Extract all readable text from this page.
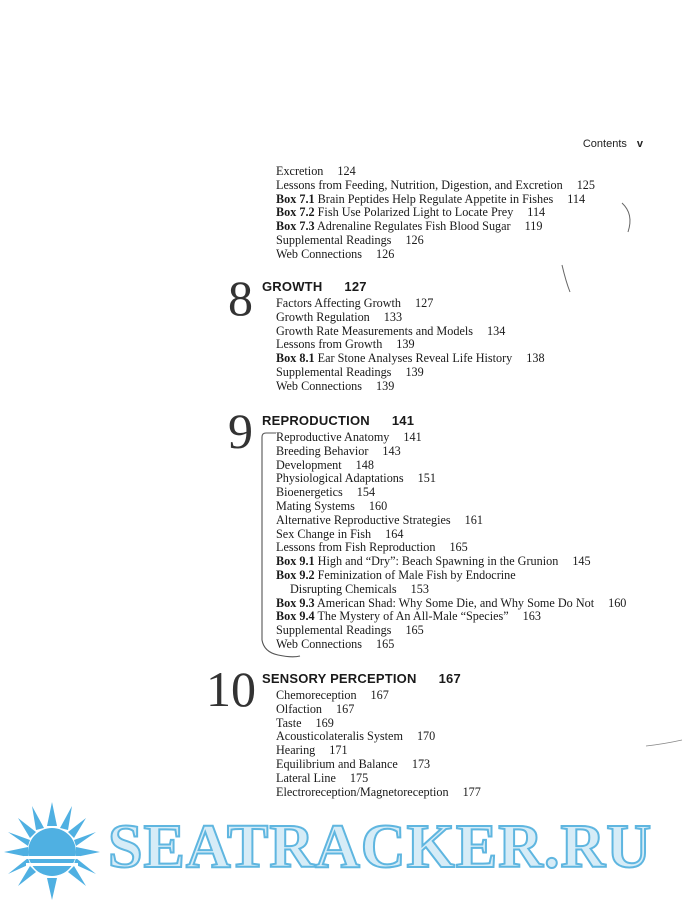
Contents v
Excretion 124
Lessons from Feeding, Nutrition, Digestion, and Excretion 125
Box 7.1 Brain Peptides Help Regulate Appetite in Fishes 114
Box 7.2 Fish Use Polarized Light to Locate Prey 114
Box 7.3 Adrenaline Regulates Fish Blood Sugar 119
Supplemental Readings 126
Web Connections 126
8 GROWTH 127
Factors Affecting Growth 127
Growth Regulation 133
Growth Rate Measurements and Models 134
Lessons from Growth 139
Box 8.1 Ear Stone Analyses Reveal Life History 138
Supplemental Readings 139
Web Connections 139
9 REPRODUCTION 141
Reproductive Anatomy 141
Breeding Behavior 143
Development 148
Physiological Adaptations 151
Bioenergetics 154
Mating Systems 160
Alternative Reproductive Strategies 161
Sex Change in Fish 164
Lessons from Fish Reproduction 165
Box 9.1 High and “Dry”: Beach Spawning in the Grunion 145
Box 9.2 Feminization of Male Fish by Endocrine
Disrupting Chemicals 153
Box 9.3 American Shad: Why Some Die, and Why Some Do Not 160
Box 9.4 The Mystery of An All-Male “Species” 163
Supplemental Readings 165
Web Connections 165
10 SENSORY PERCEPTION 167
Chemoreception 167
Olfaction 167
Taste 169
Acousticolateralis System 170
Hearing 171
Equilibrium and Balance 173
Lateral Line 175
Electroreception/Magnetoreception 177
SEATRACKER.RU
